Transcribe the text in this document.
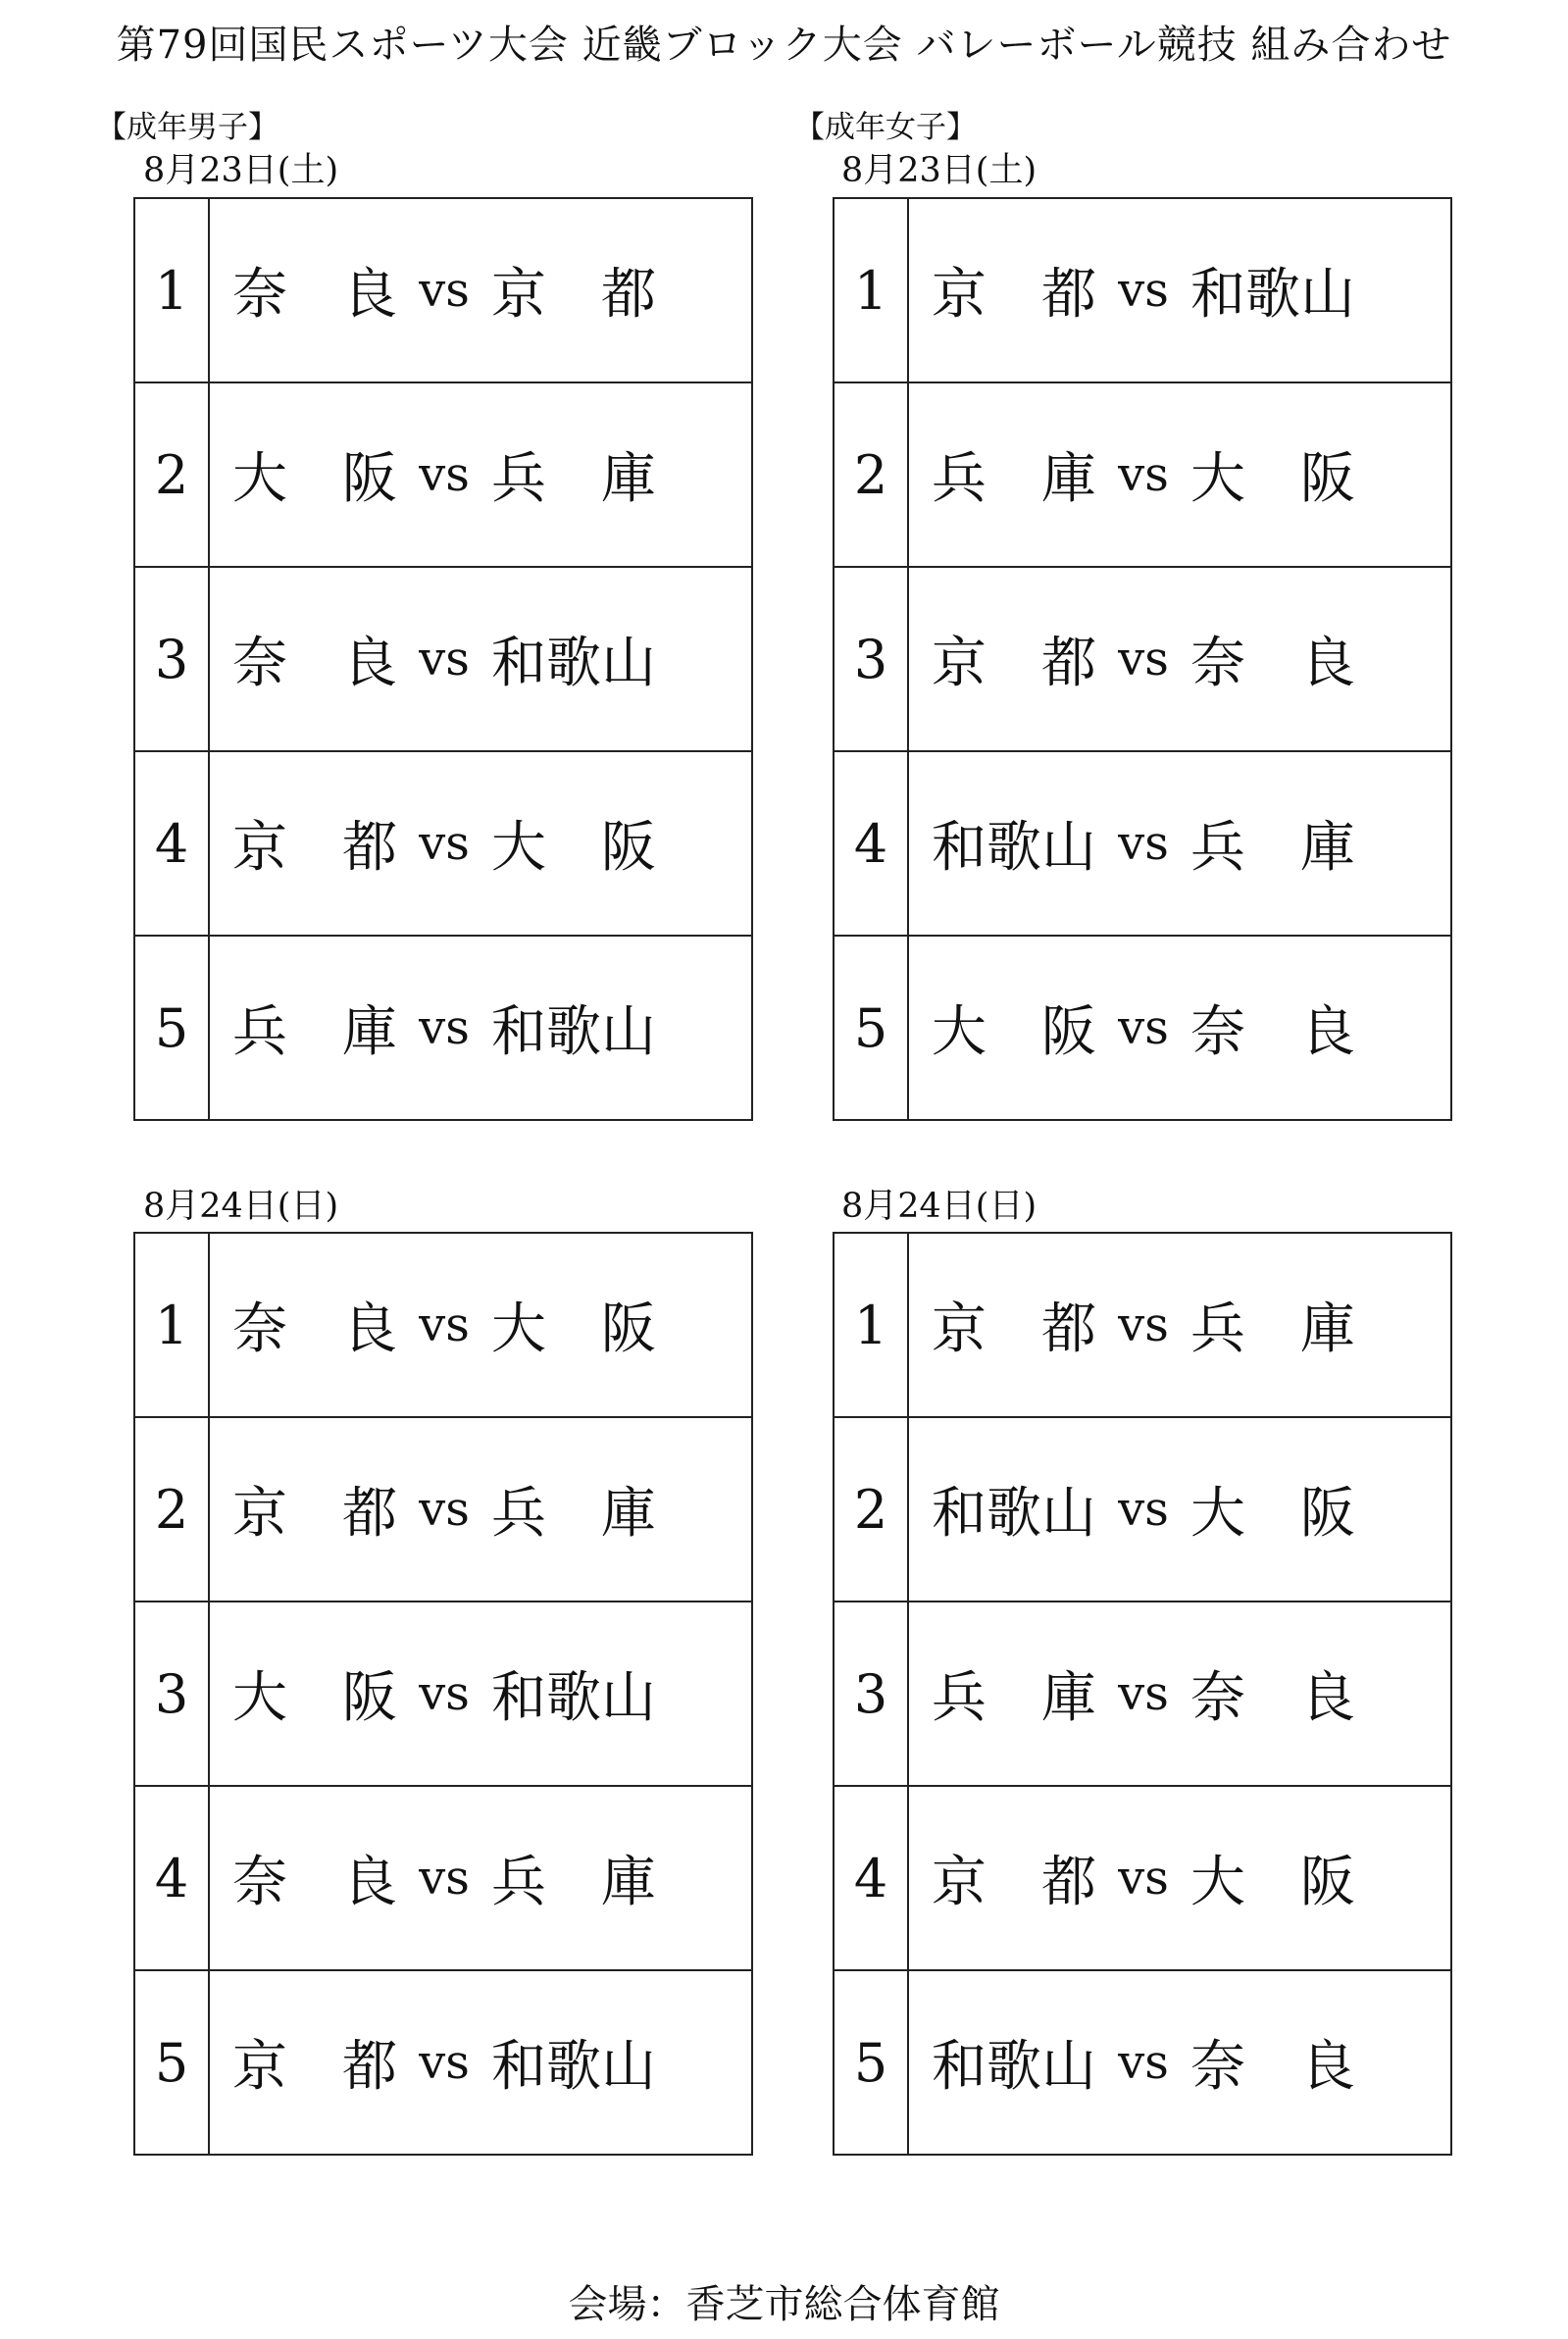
第79回国民スポーツ大会 近畿ブロック大会 バレーボール競技 組み合わせ
【成年男子】
8月23日(土)
1	奈　良 vs 京　都

2	大　阪 vs 兵　庫

3	奈　良 vs 和歌山

4	京　都 vs 大　阪

5	兵　庫 vs 和歌山
8月24日(日)
1	奈　良 vs 大　阪

2	京　都 vs 兵　庫

3	大　阪 vs 和歌山

4	奈　良 vs 兵　庫

5	京　都 vs 和歌山
【成年女子】
8月23日(土)
1	京　都 vs 和歌山

2	兵　庫 vs 大　阪

3	京　都 vs 奈　良

4	和歌山 vs 兵　庫

5	大　阪 vs 奈　良
8月24日(日)
1	京　都 vs 兵　庫

2	和歌山 vs 大　阪

3	兵　庫 vs 奈　良

4	京　都 vs 大　阪

5	和歌山 vs 奈　良
会場：香芝市総合体育館
